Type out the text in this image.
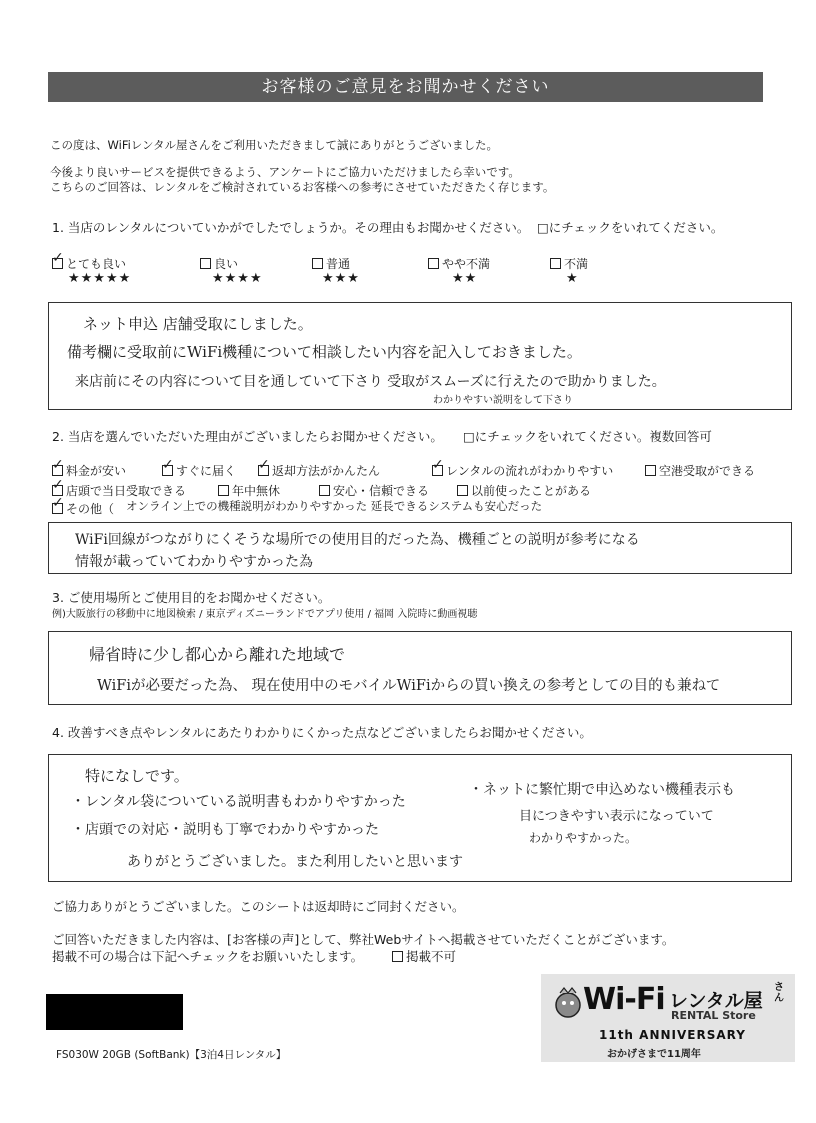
お客様のご意見をお聞かせください
この度は、WiFiレンタル屋さんをご利用いただきまして誠にありがとうございました。
今後より良いサービスを提供できるよう、アンケートにご協力いただけましたら幸いです。
こちらのご回答は、レンタルをご検討されているお客様への参考にさせていただきたく存じます。
1. 当店のレンタルについていかがでしたでしょうか。その理由もお聞かせください。 □にチェックをいれてください。
✓とても良い
★★★★★
良い
★★★★
普通
★★★
やや不満
★★
不満
★
ネット申込 店舗受取にしました。
備考欄に受取前にWiFi機種について相談したい内容を記入しておきました。
来店前にその内容について目を通していて下さり 受取がスムーズに行えたので助かりました。
わかりやすい説明をして下さり
2. 当店を選んでいただいた理由がございましたらお聞かせください。 □にチェックをいれてください。複数回答可
✓料金が安い ✓	すぐに届く ✓	返却方法がかんたん ✓	レンタルの流れがわかりやすい	空港受取ができる
✓店頭で当日受取できる	年中無休	安心・信頼できる	以前使ったことがある
✓その他（ オンライン上での機種説明がわかりやすかった 延長できるシステムも安心だった
WiFi回線がつながりにくそうな場所での使用目的だった為、機種ごとの説明が参考になる
情報が載っていてわかりやすかった為
3. ご使用場所とご使用目的をお聞かせください。
例)大阪旅行の移動中に地図検索 / 東京ディズニーランドでアプリ使用 / 福岡 入院時に動画視聴
帰省時に少し都心から離れた地域で
WiFiが必要だった為、 現在使用中のモバイルWiFiからの買い換えの参考としての目的も兼ねて
4. 改善すべき点やレンタルにあたりわかりにくかった点などございましたらお聞かせください。
特になしです。
・レンタル袋についている説明書もわかりやすかった
・店頭での対応・説明も丁寧でわかりやすかった
ありがとうございました。また利用したいと思います
・ネットに繁忙期で申込めない機種表示も
目につきやすい表示になっていて
わかりやすかった。
ご協力ありがとうございました。このシートは返却時にご同封ください。
ご回答いただきました内容は、[お客様の声]として、弊社Webサイトへ掲載させていただくことがございます。
掲載不可の場合は下記へチェックをお願いいたします。	掲載不可
FS030W 20GB (SoftBank)【3泊4日レンタル】
Wi-Fi レンタル屋
さん
RENTAL Store
11th ANNIVERSARY
おかげさまで11周年
